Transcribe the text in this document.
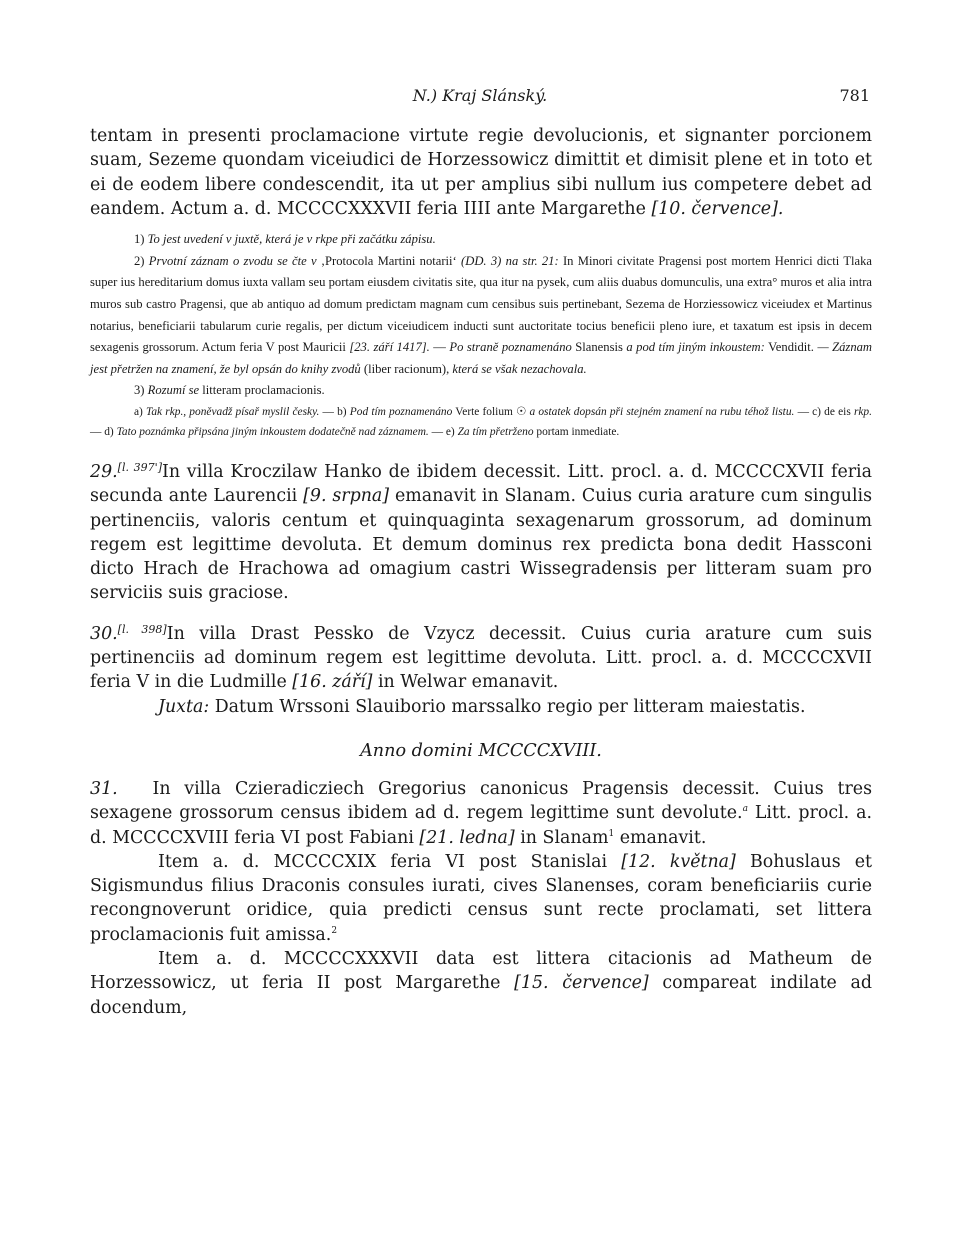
N.) Kraj Slánský.	781

tentam in presenti proclamacione virtute regie devolucionis, et signanter porcionem suam, Sezeme quondam viceiudici de Horzessowicz dimittit et dimisit plene et in toto et ei de eodem libere condescendit, ita ut per amplius sibi nullum ius competere debet ad eandem. Actum a. d. MCCCCXXXVII feria IIII ante Margarethe [10. července].

1) To jest uvedení v juxtě, která je v rkpe při začátku zápisu.

2) Prvotní záznam o zvodu se čte v ‚Protocola Martini notarii‘ (DD. 3) na str. 21: In Minori civitate Pragensi post mortem Henrici dicti Tlaka super ius hereditarium domus iuxta vallam seu portam eiusdem civitatis site, qua itur na pysek, cum aliis duabus domunculis, una extra° muros et alia intra muros sub castro Pragensi, que ab antiquo ad domum predictam magnam cum censibus suis pertinebant, Sezema de Horziessowicz viceiudex et Martinus notarius, beneficiarii tabularum curie regalis, per dictum viceiudicem inducti sunt auctoritate tocius beneficii pleno iure, et taxatum est ipsis in decem sexagenis grossorum. Actum feria V post Mauricii [23. září 1417]. — Po straně poznamenáno Slanensis a pod tím jiným inkoustem: Vendidit. — Záznam jest přetržen na znamení, že byl opsán do knihy zvodů (liber racionum), která se však nezachovala.

3) Rozumí se litteram proclamacionis.

a) Tak rkp., poněvadž písař myslil česky. — b) Pod tím poznamenáno Verte folium ☉ a ostatek dopsán při stejném znamení na rubu téhož listu. — c) de eis rkp. — d) Tato poznámka připsána jiným inkoustem dodatečně nad záznamem. — e) Za tím přetrženo portam inmediate.

29.[l. 397']In villa Kroczilaw Hanko de ibidem decessit. Litt. procl. a. d. MCCCCXVII feria secunda ante Laurencii [9. srpna] emanavit in Slanam. Cuius curia arature cum singulis pertinenciis, valoris centum et quinquaginta sexagenarum grossorum, ad dominum regem est legittime devoluta. Et demum dominus rex predicta bona dedit Hassconi dicto Hrach de Hrachowa ad omagium castri Wissegradensis per litteram suam pro serviciis suis graciose.

30.[l. 398]In villa Drast Pessko de Vzycz decessit. Cuius curia arature cum suis pertinenciis ad dominum regem est legittime devoluta. Litt. procl. a. d. MCCCCXVII feria V in die Ludmille [16. září] in Welwar emanavit.

Juxta: Datum Wrssoni Slauiborio marssalko regio per litteram maiestatis.

Anno domini MCCCCXVIII.

31.   In villa Czieradicziech Gregorius canonicus Pragensis decessit. Cuius tres sexagene grossorum census ibidem ad d. regem legittime sunt devolute.$^a$ Litt. procl. a. d. MCCCCXVIII feria VI post Fabiani [21. ledna] in Slanam$^1$ emanavit.

Item a. d. MCCCCXIX feria VI post Stanislai [12. května] Bohuslaus et Sigismundus filius Draconis consules iurati, cives Slanenses, coram beneficiariis curie recongnoverunt oridice, quia predicti census sunt recte proclamati, set littera proclamacionis fuit amissa.$^2$

Item a. d. MCCCCXXXVII data est littera citacionis ad Matheum de Horzessowicz, ut feria II post Margarethe [15. července] compareat indilate ad docendum,
